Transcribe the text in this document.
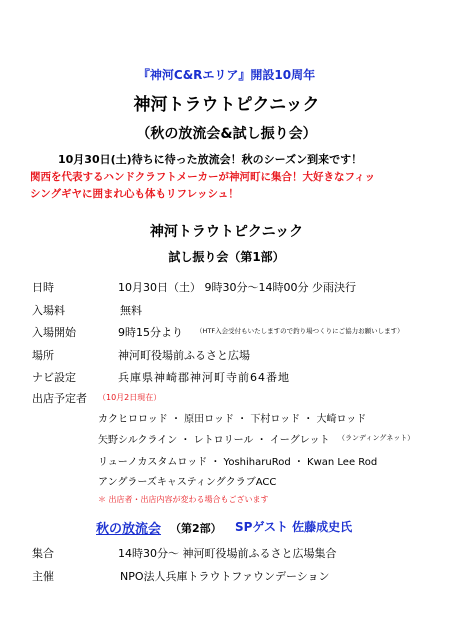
『神河C&Rエリア』開設10周年
神河トラウトピクニック
（秋の放流会&試し振り会）
10月30日(土)待ちに待った放流会！秋のシーズン到来です！
関西を代表するハンドクラフトメーカーが神河町に集合！大好きなフィッ
シングギヤに囲まれ心も体もリフレッシュ！
神河トラウトピクニック
試し振り会（第1部）
日時	10月30日（土） 9時30分～14時00分 少雨決行
入場料	無料
入場開始	9時15分より （HTF入会受付もいたしますので釣り場つくりにご協力お願いします）
場所	神河町役場前ふるさと広場
ナビ設定	兵庫県神崎郡神河町寺前64番地
出店予定者 （10月2日現在）
カクヒロロッド ・ 原田ロッド ・ 下村ロッド ・ 大崎ロッド
矢野シルクライン ・ レトロリール ・ イーグレット （ランディングネット）
リューノカスタムロッド ・ YoshiharuRod ・ Kwan Lee Rod
アングラーズキャスティングクラブACC
＊ 出店者・出店内容が変わる場合もございます
秋の放流会 （第2部） SPゲスト 佐藤成史氏
集合	14時30分～ 神河町役場前ふるさと広場集合
主催	NPO法人兵庫トラウトファウンデーション
